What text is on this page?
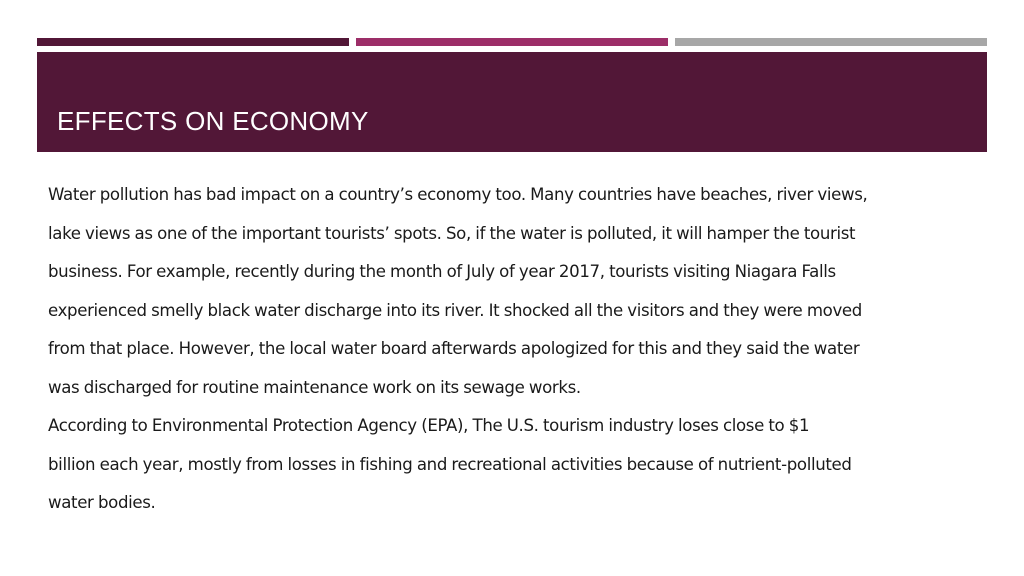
EFFECTS ON ECONOMY
Water pollution has bad impact on a country’s economy too. Many countries have beaches, river views,
lake views as one of the important tourists’ spots. So, if the water is polluted, it will hamper the tourist
business. For example, recently during the month of July of year 2017, tourists visiting Niagara Falls
experienced smelly black water discharge into its river. It shocked all the visitors and they were moved
from that place. However, the local water board afterwards apologized for this and they said the water
was discharged for routine maintenance work on its sewage works.
According to Environmental Protection Agency (EPA), The U.S. tourism industry loses close to $1
billion each year, mostly from losses in fishing and recreational activities because of nutrient-polluted
water bodies.
